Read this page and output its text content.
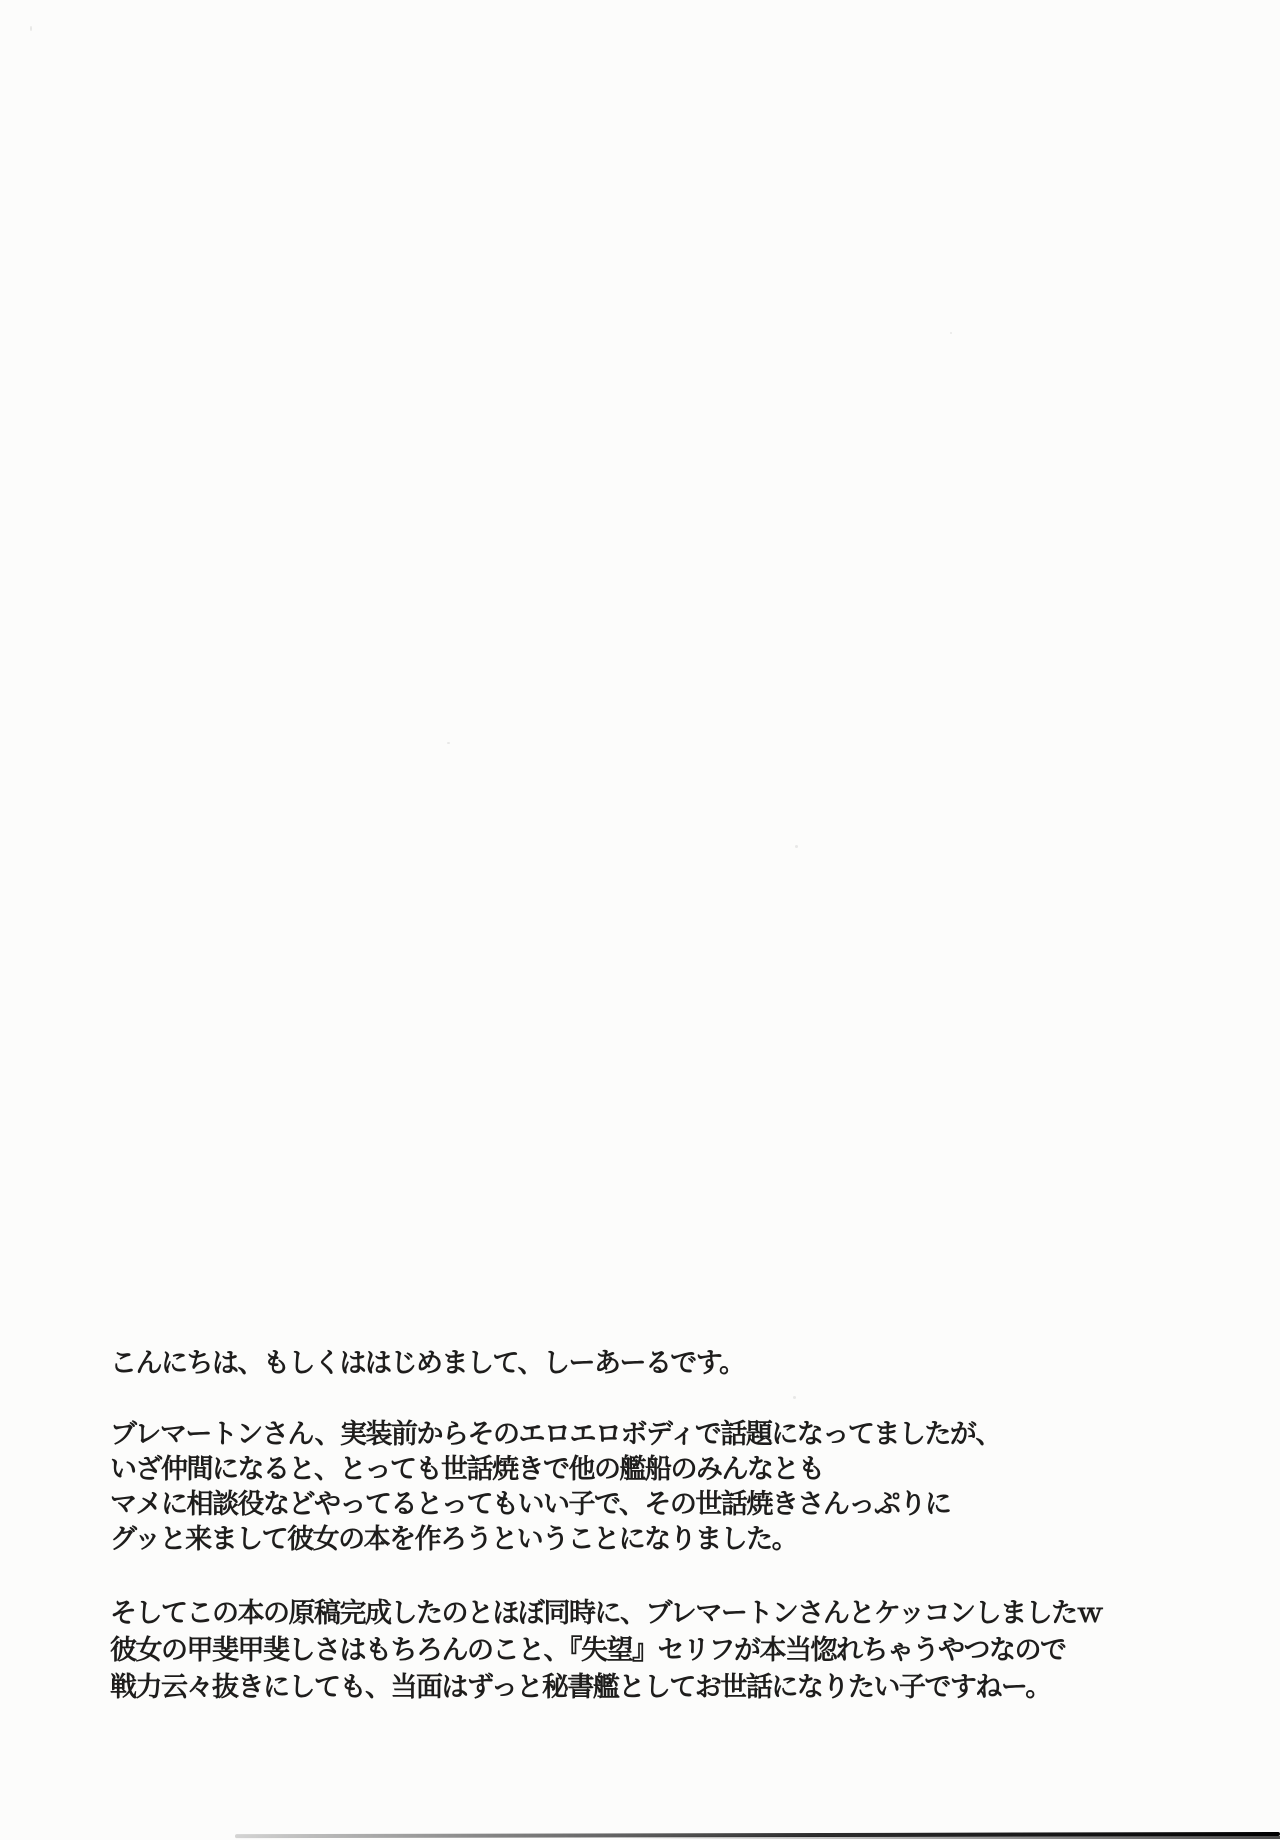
こんにちは、もしくははじめまして、しーあーるです。

ブレマートンさん、実装前からそのエロエロボディで話題になってましたが、
いざ仲間になると、とっても世話焼きで他の艦船のみんなとも
マメに相談役などやってるとってもいい子で、その世話焼きさんっぷりに
グッと来まして彼女の本を作ろうということになりました。
そしてこの本の原稿完成したのとほぼ同時に、ブレマートンさんとケッコンしましたｗ
彼女の甲斐甲斐しさはもちろんのこと、『失望』セリフが本当惚れちゃうやつなので
戦力云々抜きにしても、当面はずっと秘書艦としてお世話になりたい子ですねー。
